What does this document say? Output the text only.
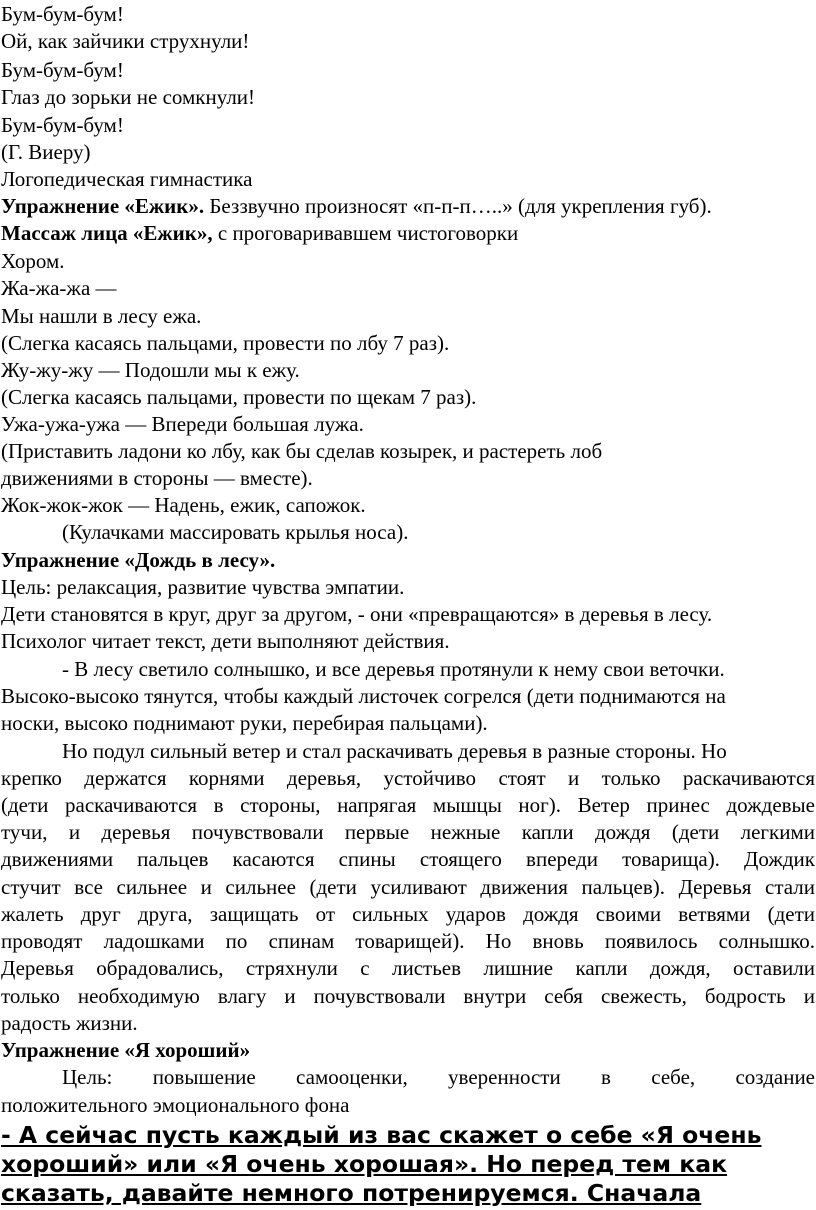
Бум-бум-бум!
Ой, как зайчики струхнули!
Бум-бум-бум!
Глаз до зорьки не сомкнули!
Бум-бум-бум!
(Г. Виеру)
Логопедическая гимнастика
Упражнение «Ежик». Беззвучно произносят «п-п-п…..» (для укрепления губ).
Массаж лица «Ежик», с проговаривавшем чистоговорки
Хором.
Жа-жа-жа —
Мы нашли в лесу ежа.
(Слегка касаясь пальцами, провести по лбу 7 раз).
Жу-жу-жу — Подошли мы к ежу.
(Слегка касаясь пальцами, провести по щекам 7 раз).
Ужа-ужа-ужа — Впереди большая лужа.
(Приставить ладони ко лбу, как бы сделав козырек, и растереть лоб
движениями в стороны — вместе).
Жок-жок-жок — Надень, ежик, сапожок.
(Кулачками массировать крылья носа).
Упражнение «Дождь в лесу».
Цель: релаксация, развитие чувства эмпатии.
Дети становятся в круг, друг за другом, - они «превращаются» в деревья в лесу.
Психолог читает текст, дети выполняют действия.
- В лесу светило солнышко, и все деревья протянули к нему свои веточки.
Высоко-высоко тянутся, чтобы каждый листочек согрелся (дети поднимаются на
носки, высоко поднимают руки, перебирая пальцами).
Но подул сильный ветер и стал раскачивать деревья в разные стороны. Но
крепко держатся корнями деревья, устойчиво стоят и только раскачиваются
(дети раскачиваются в стороны, напрягая мышцы ног). Ветер принес дождевые
тучи, и деревья почувствовали первые нежные капли дождя (дети легкими
движениями пальцев касаются спины стоящего впереди товарища). Дождик
стучит все сильнее и сильнее (дети усиливают движения пальцев). Деревья стали
жалеть друг друга, защищать от сильных ударов дождя своими ветвями (дети
проводят ладошками по спинам товарищей). Но вновь появилось солнышко.
Деревья обрадовались, стряхнули с листьев лишние капли дождя, оставили
только необходимую влагу и почувствовали внутри себя свежесть, бодрость и
радость жизни.
Упражнение «Я хороший»
Цель: повышение самооценки, уверенности в себе, создание
положительного эмоционального фона
- А сейчас пусть каждый из вас скажет о себе «Я очень
хороший» или «Я очень хорошая». Но перед тем как
сказать, давайте немного потренируемся. Сначала
